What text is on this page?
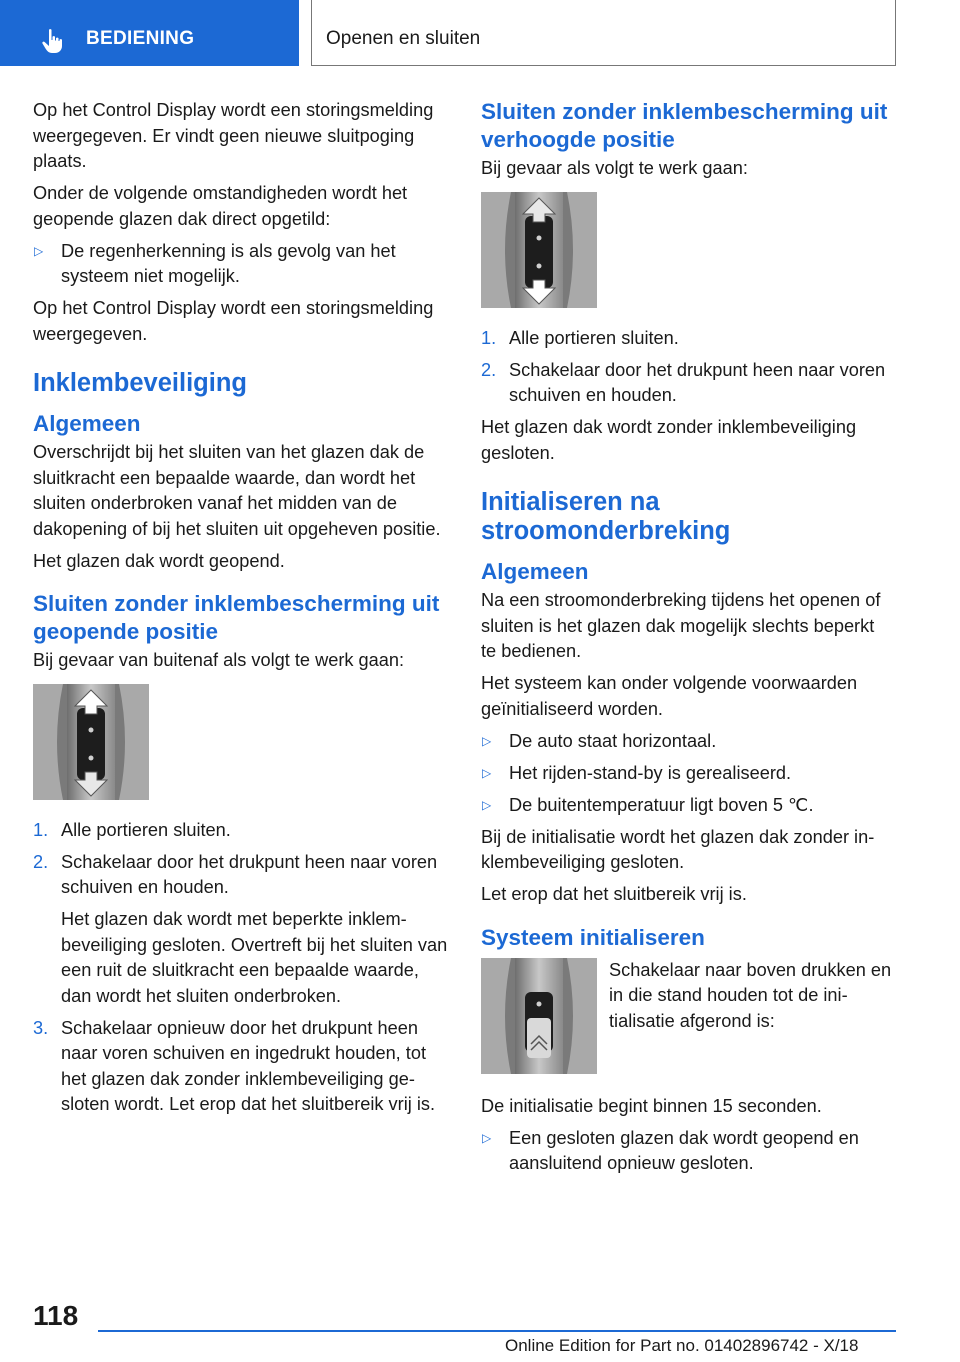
BEDIENING	Openen en sluiten

Op het Control Display wordt een storingsmelding weergegeven. Er vindt geen nieuwe sluitpoging plaats.

Onder de volgende omstandigheden wordt het geopende glazen dak direct opgetild:

▷ De regenherkenning is als gevolg van het systeem niet mogelijk.

Op het Control Display wordt een storingsmelding weergegeven.

Inklembeveiliging
Algemeen

Overschrijdt bij het sluiten van het glazen dak de sluitkracht een bepaalde waarde, dan wordt het sluiten onderbroken vanaf het midden van de dakopening of bij het sluiten uit opgeheven positie.

Het glazen dak wordt geopend.

Sluiten zonder inklembescherming uit geopende positie

Bij gevaar van buitenaf als volgt te werk gaan:

1. Alle portieren sluiten.
2. Schakelaar door het drukpunt heen naar voren schuiven en houden.

Het glazen dak wordt met beperkte inklembeveiliging gesloten. Overtreft bij het sluiten van een ruit de sluitkracht een bepaalde waarde, dan wordt het sluiten onderbroken.

3. Schakelaar opnieuw door het drukpunt heen naar voren schuiven en ingedrukt houden, tot het glazen dak zonder inklembeveiliging gesloten wordt. Let erop dat het sluitbereik vrij is.
Sluiten zonder inklembescherming uit verhoogde positie

Bij gevaar als volgt te werk gaan:

1. Alle portieren sluiten.
2. Schakelaar door het drukpunt heen naar voren schuiven en houden.

Het glazen dak wordt zonder inklembeveiliging gesloten.

Initialiseren na stroomonderbreking
Algemeen

Na een stroomonderbreking tijdens het openen of sluiten is het glazen dak mogelijk slechts beperkt te bedienen.

Het systeem kan onder volgende voorwaarden geïnitialiseerd worden.

▷ De auto staat horizontaal.
▷ Het rijden-stand-by is gerealiseerd.
▷ De buitentemperatuur ligt boven 5 ℃.

Bij de initialisatie wordt het glazen dak zonder inklembeveiliging gesloten.

Let erop dat het sluitbereik vrij is.

Systeem initialiseren
Schakelaar naar boven drukken en in die stand houden tot de initialisatie afgerond is:

De initialisatie begint binnen 15 seconden.

▷ Een gesloten glazen dak wordt geopend en aansluitend opnieuw gesloten.
118
Online Edition for Part no. 01402896742 - X/18
